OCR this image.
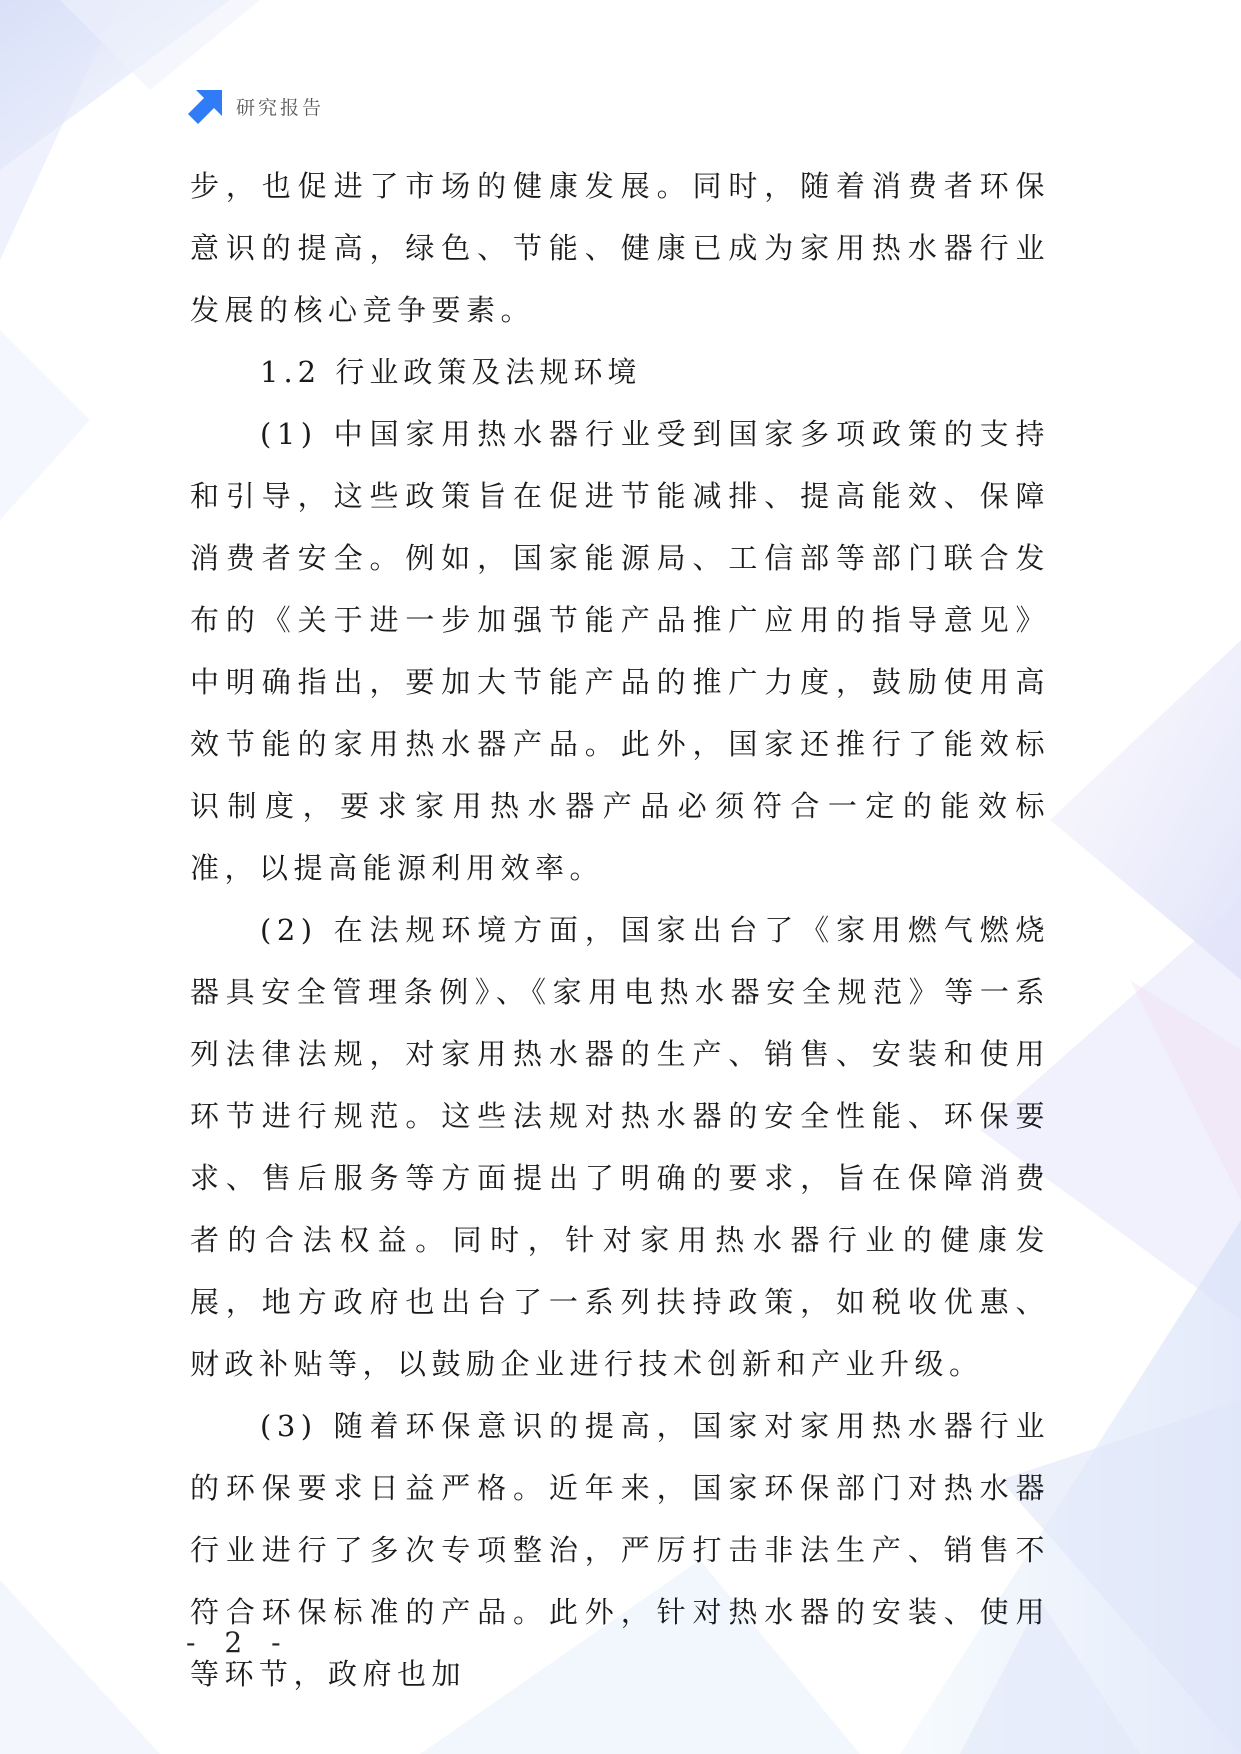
研究报告

步，也促进了市场的健康发展。同时，随着消费者环保意识的提高，绿色、节能、健康已成为家用热水器行业发展的核心竞争要素。

1.2 行业政策及法规环境

(1) 中国家用热水器行业受到国家多项政策的支持和引导，这些政策旨在促进节能减排、提高能效、保障消费者安全。例如，国家能源局、工信部等部门联合发布的《关于进一步加强节能产品推广应用的指导意见》中明确指出，要加大节能产品的推广力度，鼓励使用高效节能的家用热水器产品。此外，国家还推行了能效标识制度，要求家用热水器产品必须符合一定的能效标准，以提高能源利用效率。

(2) 在法规环境方面，国家出台了《家用燃气燃烧器具安全管理条例》、《家用电热水器安全规范》等一系列法律法规，对家用热水器的生产、销售、安装和使用环节进行规范。这些法规对热水器的安全性能、环保要求、售后服务等方面提出了明确的要求，旨在保障消费者的合法权益。同时，针对家用热水器行业的健康发展，地方政府也出台了一系列扶持政策，如税收优惠、财政补贴等，以鼓励企业进行技术创新和产业升级。

(3) 随着环保意识的提高，国家对家用热水器行业的环保要求日益严格。近年来，国家环保部门对热水器行业进行了多次专项整治，严厉打击非法生产、销售不符合环保标准的产品。此外，针对热水器的安装、使用等环节，政府也加

- 2 -
